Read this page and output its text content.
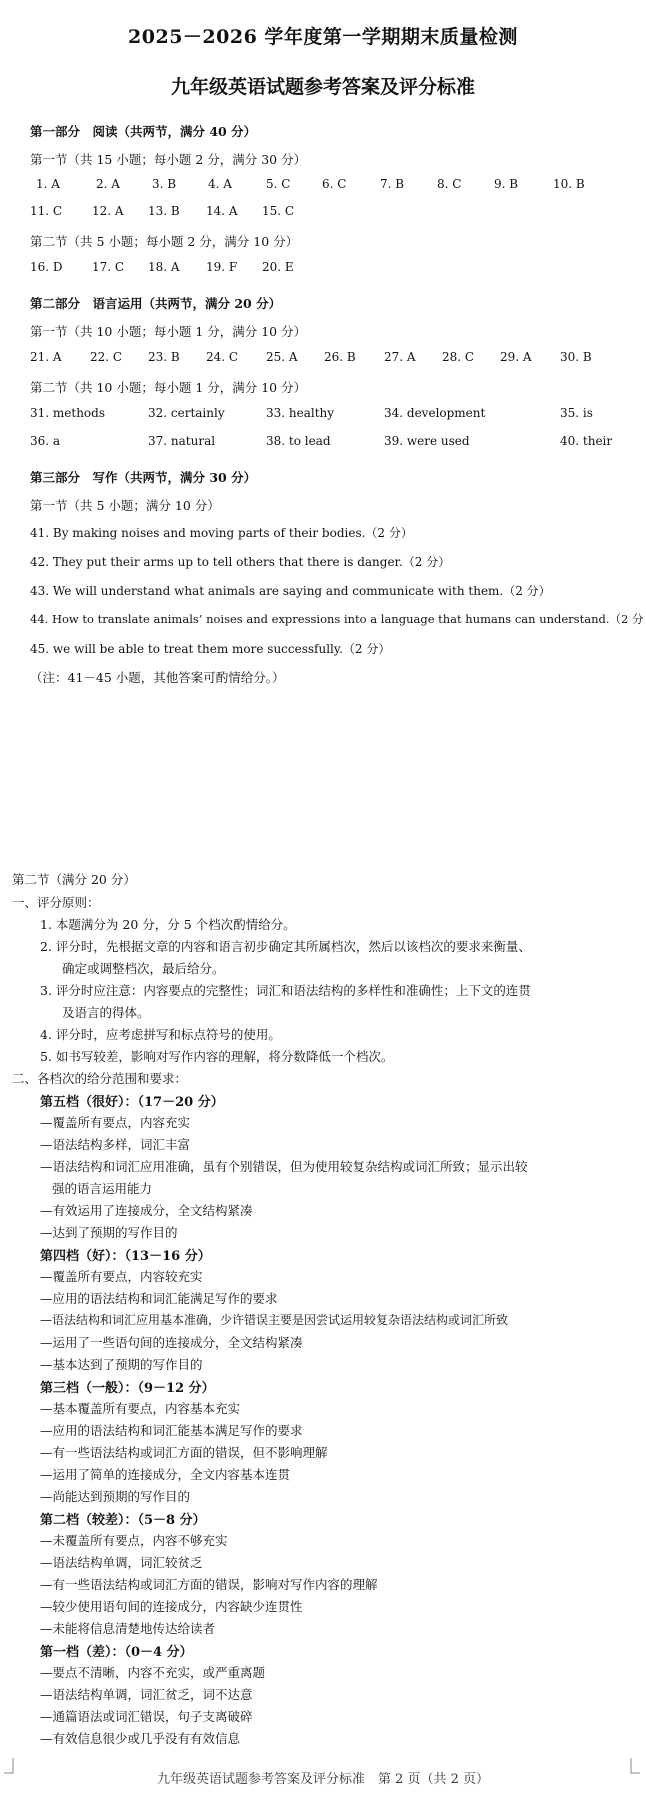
2025－2026 学年度第一学期期末质量检测
九年级英语试题参考答案及评分标准
第一部分　阅读（共两节，满分 40 分）
第一节（共 15 小题；每小题 2 分，满分 30 分）
1. A	2. A	3. B	4. A	5. C	6. C	7. B	8. C	9. B	10. B
11. C 12. A 13. B 14. A 15. C
第二节（共 5 小题；每小题 2 分，满分 10 分）
16. D 17. C 18. A 19. F 20. E
第二部分　语言运用（共两节，满分 20 分）
第一节（共 10 小题；每小题 1 分，满分 10 分）
21. A 22. C 23. B 24. C 25. A 26. B 27. A 28. C 29. A 30. B
第二节（共 10 小题；每小题 1 分，满分 10 分）
31. methods	32. certainly	33. healthy	34. development	35. is
36. a	37. natural	38. to lead	39. were used	40. their
第三部分　写作（共两节，满分 30 分）
第一节（共 5 小题；满分 10 分）
41. By making noises and moving parts of their bodies.（2 分）
42. They put their arms up to tell others that there is danger.（2 分）
43. We will understand what animals are saying and communicate with them.（2 分）
44. How to translate animals’ noises and expressions into a language that humans can understand.（2 分
45. we will be able to treat them more successfully.（2 分）
（注：41－45 小题，其他答案可酌情给分。）
第二节（满分 20 分）
一、评分原则：
1. 本题满分为 20 分，分 5 个档次酌情给分。
2. 评分时，先根据文章的内容和语言初步确定其所属档次，然后以该档次的要求来衡量、
确定或调整档次，最后给分。
3. 评分时应注意：内容要点的完整性；词汇和语法结构的多样性和准确性；上下文的连贯
及语言的得体。
4. 评分时，应考虑拼写和标点符号的使用。
5. 如书写较差，影响对写作内容的理解，将分数降低一个档次。
二、各档次的给分范围和要求：
第五档（很好）：（17－20 分）
—覆盖所有要点，内容充实
—语法结构多样，词汇丰富
—语法结构和词汇应用准确，虽有个别错误，但为使用较复杂结构或词汇所致；显示出较
强的语言运用能力
—有效运用了连接成分，全文结构紧凑
—达到了预期的写作目的
第四档（好）：（13－16 分）
—覆盖所有要点，内容较充实
—应用的语法结构和词汇能满足写作的要求
—语法结构和词汇应用基本准确，少许错误主要是因尝试运用较复杂语法结构或词汇所致
—运用了一些语句间的连接成分，全文结构紧凑
—基本达到了预期的写作目的
第三档（一般）：（9－12 分）
—基本覆盖所有要点，内容基本充实
—应用的语法结构和词汇能基本满足写作的要求
—有一些语法结构或词汇方面的错误，但不影响理解
—运用了简单的连接成分，全文内容基本连贯
—尚能达到预期的写作目的
第二档（较差）：（5－8 分）
—未覆盖所有要点，内容不够充实
—语法结构单调，词汇较贫乏
—有一些语法结构或词汇方面的错误，影响对写作内容的理解
—较少使用语句间的连接成分，内容缺少连贯性
—未能将信息清楚地传达给读者
第一档（差）：（0－4 分）
—要点不清晰，内容不充实，或严重离题
—语法结构单调，词汇贫乏，词不达意
—通篇语法或词汇错误，句子支离破碎
—有效信息很少或几乎没有有效信息
九年级英语试题参考答案及评分标准　第 2 页（共 2 页）
